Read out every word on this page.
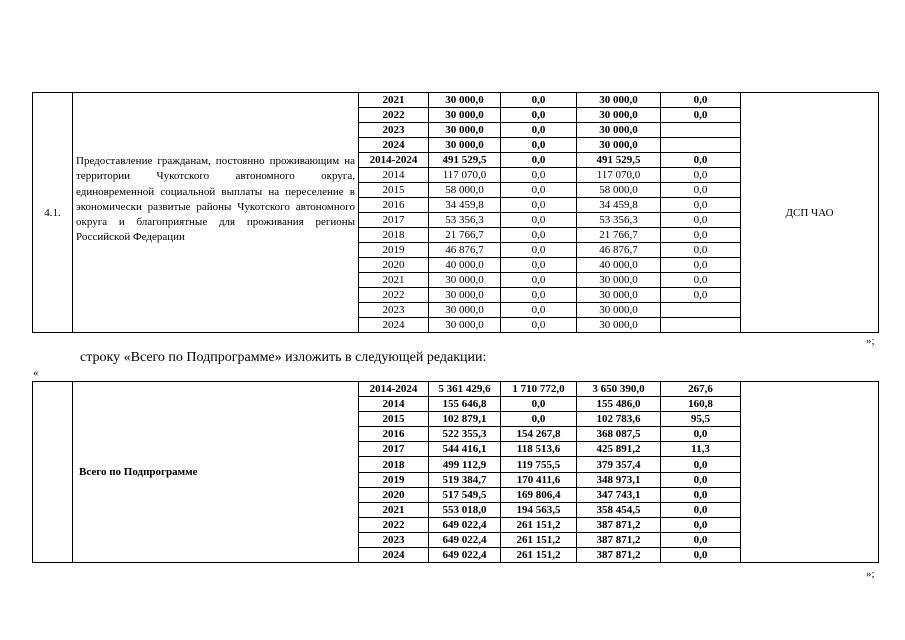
4.1.	Предоставление гражданам, постоянно проживающим на территории Чукотского автономного округа, единовременной социальной выплаты на переселение в экономически развитые районы Чукотского автономного округа и благоприятные для проживания регионы Российской Федерации	2021	30 000,0	0,0	30 000,0	0,0	ДСП ЧАО
		2022	30 000,0	0,0	30 000,0	0,0	
		2023	30 000,0	0,0	30 000,0		
		2024	30 000,0	0,0	30 000,0		
		2014-2024	491 529,5	0,0	491 529,5	0,0	
		2014	117 070,0	0,0	117 070,0	0,0	
		2015	58 000,0	0,0	58 000,0	0,0	
		2016	34 459,8	0,0	34 459,8	0,0	
		2017	53 356,3	0,0	53 356,3	0,0	
		2018	21 766,7	0,0	21 766,7	0,0	
		2019	46 876,7	0,0	46 876,7	0,0	
		2020	40 000,0	0,0	40 000,0	0,0	
		2021	30 000,0	0,0	30 000,0	0,0	
		2022	30 000,0	0,0	30 000,0	0,0	
		2023	30 000,0	0,0	30 000,0		
		2024	30 000,0	0,0	30 000,0		
»;
строку «Всего по Подпрограмме» изложить в следующей редакции:
«
	Всего по Подпрограмме	2014-2024	5 361 429,6	1 710 772,0	3 650 390,0	267,6	
		2014	155 646,8	0,0	155 486,0	160,8	
		2015	102 879,1	0,0	102 783,6	95,5	
		2016	522 355,3	154 267,8	368 087,5	0,0	
		2017	544 416,1	118 513,6	425 891,2	11,3	
		2018	499 112,9	119 755,5	379 357,4	0,0	
		2019	519 384,7	170 411,6	348 973,1	0,0	
		2020	517 549,5	169 806,4	347 743,1	0,0	
		2021	553 018,0	194 563,5	358 454,5	0,0	
		2022	649 022,4	261 151,2	387 871,2	0,0	
		2023	649 022,4	261 151,2	387 871,2	0,0	
		2024	649 022,4	261 151,2	387 871,2	0,0	
»;
